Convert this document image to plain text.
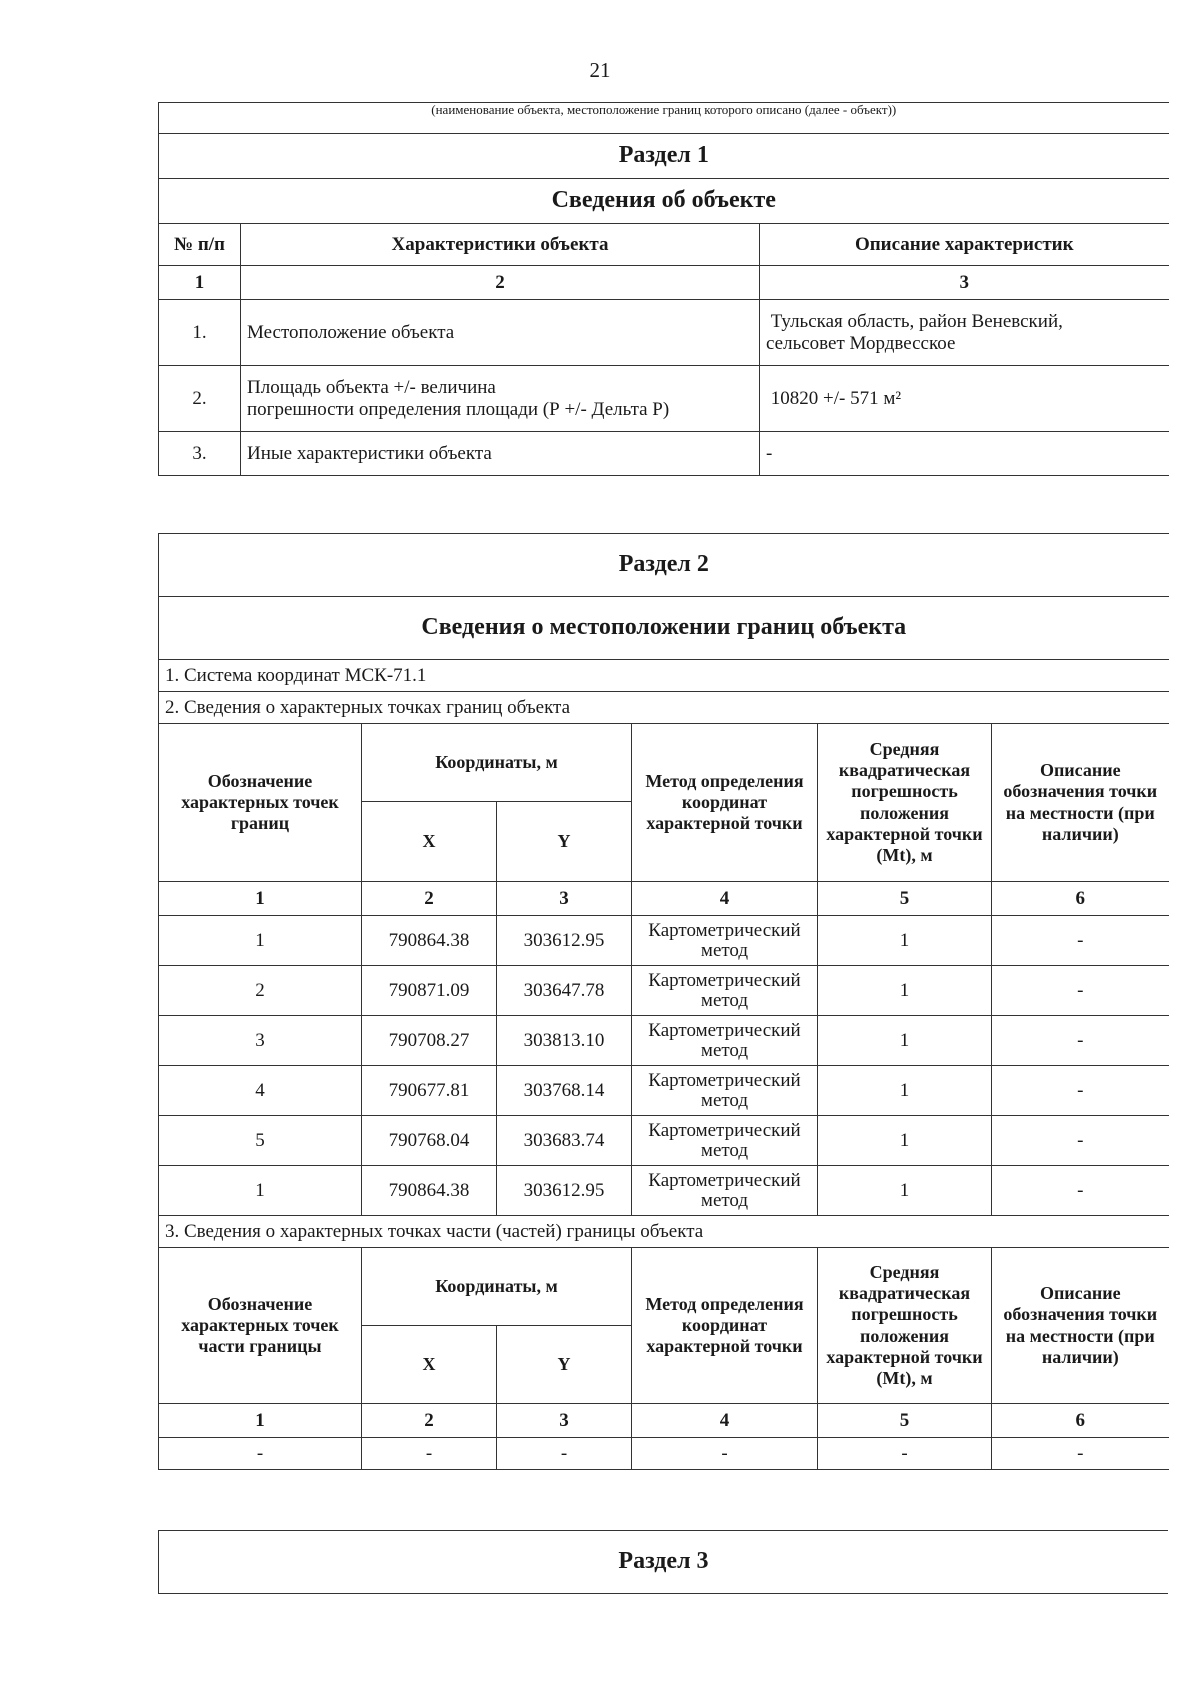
21
(наименование объекта, местоположение границ которого описано (далее - объект))		
Раздел 1		
Сведения об объекте		
№ п/п	Характеристики объекта	Описание характеристик
1	2	3
1.	Местоположение объекта	Тульская область, район Веневский,
сельсовет Мордвесское
2.	Площадь объекта +/- величина
погрешности определения площади (Р +/- Дельта Р)	10820 +/- 571 м²
3.	Иные характеристики объекта	-
Раздел 2					
Сведения о местоположении границ объекта					
1. Система координат МСК-71.1					
2. Сведения о характерных точках границ объекта					
Обозначение характерных точек границ	Координаты, м		Метод определения координат характерной точки	Средняя квадратическая погрешность положения характерной точки (Mt), м	Описание обозначения точки на местности (при наличии)
	X	Y			
1	2	3	4	5	6
1	790864.38	303612.95	Картометрический
метод	1	-
2	790871.09	303647.78	Картометрический
метод	1	-
3	790708.27	303813.10	Картометрический
метод	1	-
4	790677.81	303768.14	Картометрический
метод	1	-
5	790768.04	303683.74	Картометрический
метод	1	-
1	790864.38	303612.95	Картометрический
метод	1	-
3. Сведения о характерных точках части (частей) границы объекта					
Обозначение характерных точек части границы	Координаты, м		Метод определения координат характерной точки	Средняя квадратическая погрешность положения характерной точки (Mt), м	Описание обозначения точки на местности (при наличии)
	X	Y			
1	2	3	4	5	6
-	-	-	-	-	-
Раздел 3
